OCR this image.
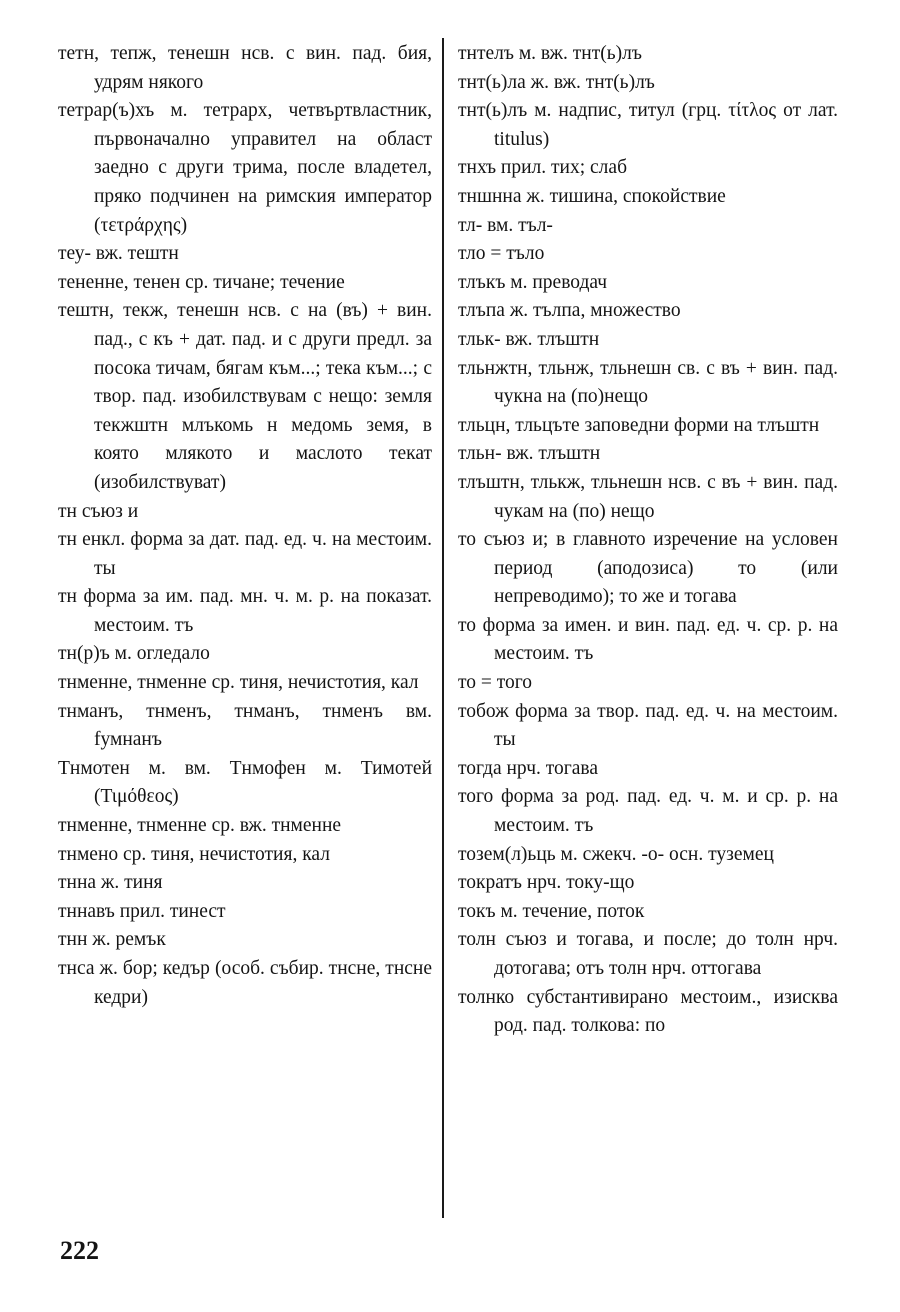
тетн, тепж, тенешн нсв. с вин. пад. бия, удрям някого

тетрар(ъ)хъ м. тетрарх, четвъртвластник, първоначално управител на област заедно с други трима, после владетел, пряко подчинен на римския император (τετράρχης)

теу- вж. тештн

тененне, тенен ср. тичане; течение

тештн, текж, тенешн нсв. с на (въ) + вин. пад., с къ + дат. пад. и с други предл. за посока тичам, бягам към...; тека към...; с твор. пад. изобилствувам с нещо: земля текжштн млъкомь н медомь земя, в която млякото и маслото текат (изобилствуват)

тн съюз и

тн енкл. форма за дат. пад. ед. ч. на местоим. ты

тн форма за им. пад. мн. ч. м. р. на показат. местоим. тъ

тн(р)ъ м. огледало

тнменне, тнменне ср. тиня, нечистотия, кал

тнманъ, тнменъ, тнманъ, тнменъ вм. fумнанъ

Тнмотен м. вм. Тнмофен м. Тимотей (Τιμόθεος)

тнменне, тнменне ср. вж. тнменне

тнмено ср. тиня, нечистотия, кал

тнна ж. тиня

тннавъ прил. тинест

тнн ж. ремък

тнса ж. бор; кедър (особ. събир. тнсне, тнсне кедри)

тнтелъ м. вж. тнт(ь)лъ

тнт(ь)ла ж. вж. тнт(ь)лъ

тнт(ь)лъ м. надпис, титул (грц. τίτλος от лат. titulus)

тнхъ прил. тих; слаб

тншнна ж. тишина, спокойствие

тл- вм. тъл-

тло = тъло

тлъкъ м. преводач

тлъпа ж. тълпа, множество

тльк- вж. тлъштн

тльнжтн, тльнж, тльнешн св. с въ + вин. пад. чукна на (по)нещо

тльцн, тльцъте заповедни форми на тлъштн

тльн- вж. тлъштн

тлъштн, тлькж, тльнешн нсв. с въ + вин. пад. чукам на (по) нещо

то съюз и; в главното изречение на условен период (аподозиса) то (или непреводимо); то же и тогава

то форма за имен. и вин. пад. ед. ч. ср. р. на местоим. тъ

то = того

тобож форма за твор. пад. ед. ч. на местоим. ты

тогда нрч. тогава

того форма за род. пад. ед. ч. м. и ср. р. на местоим. тъ

тозем(л)ьць м. сжекч. -о- осн. туземец

тократъ нрч. току-що

токъ м. течение, поток

толн съюз и тогава, и после; до толн нрч. дотогава; отъ толн нрч. оттогава

толнко субстантивирано местоим., изисква род. пад. толкова: по

222
